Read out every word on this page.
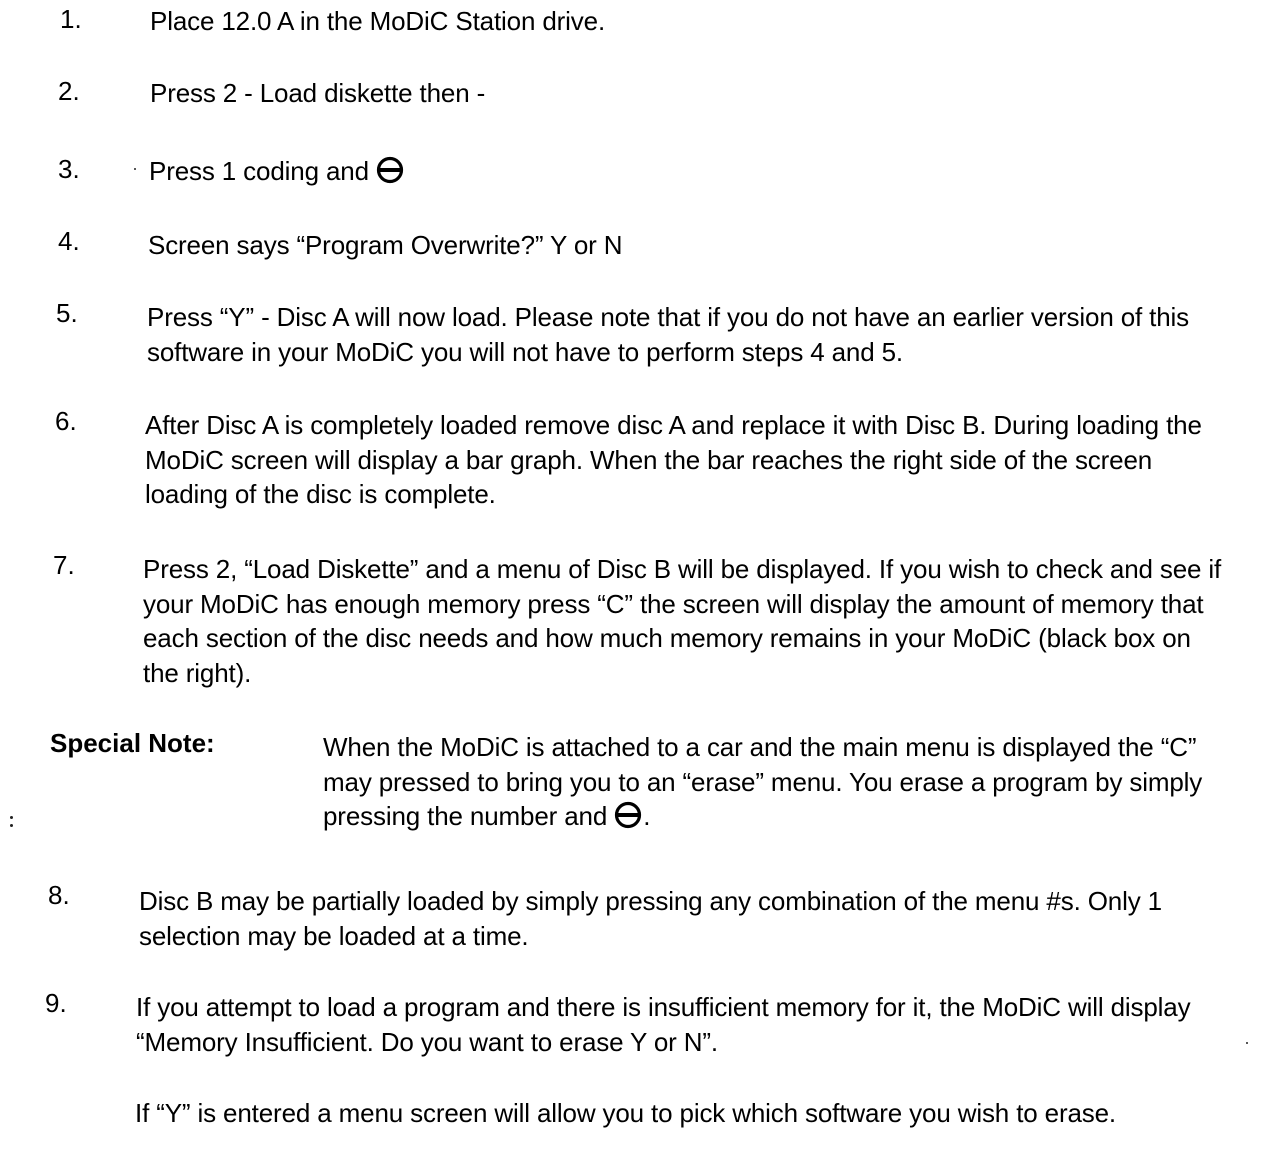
1.	Place 12.0 A in the MoDiC Station drive.
2.	Press 2 - Load diskette then -
3.	Press 1 coding and
4.	Screen says “Program Overwrite?” Y or N
5.	Press “Y” - Disc A will now load. Please note that if you do not have an earlier version of this software in your MoDiC you will not have to perform steps 4 and 5.
6.	After Disc A is completely loaded remove disc A and replace it with Disc B. During loading the MoDiC screen will display a bar graph. When the bar reaches the right side of the screen loading of the disc is complete.
7.	Press 2, “Load Diskette” and a menu of Disc B will be displayed. If you wish to check and see if your MoDiC has enough memory press “C” the screen will display the amount of memory that each section of the disc needs and how much memory remains in your MoDiC (black box on the right).
Special Note:	When the MoDiC is attached to a car and the main menu is displayed the “C” may pressed to bring you to an “erase” menu. You erase a program by simply pressing the number and .
8.	Disc B may be partially loaded by simply pressing any combination of the menu #s. Only 1 selection may be loaded at a time.
9.	If you attempt to load a program and there is insufficient memory for it, the MoDiC will display “Memory Insufficient. Do you want to erase Y or N”.
If “Y” is entered a menu screen will allow you to pick which software you wish to erase.
